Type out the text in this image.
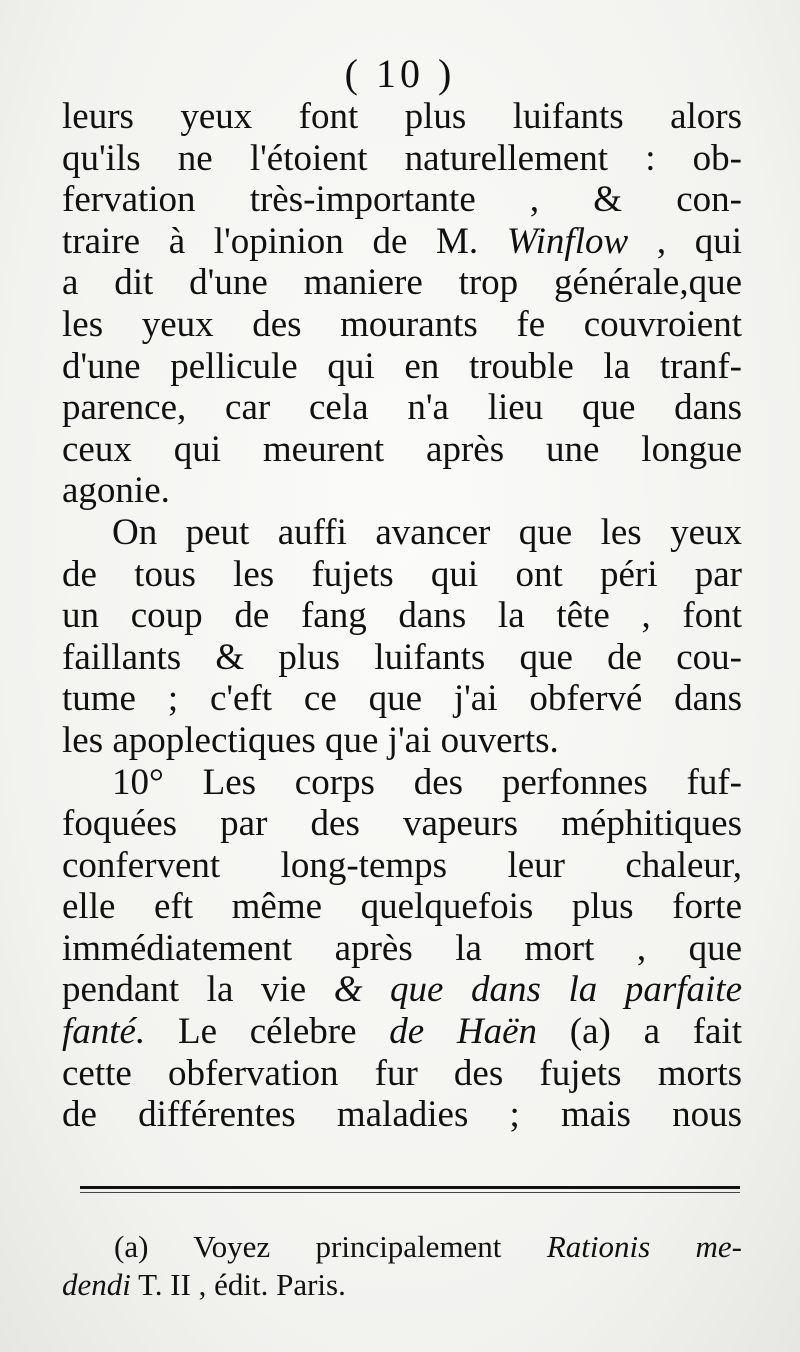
( 10 )
leurs yeux font plus luifants alors
qu'ils ne l'étoient naturellement : ob-
fervation très-importante , & con-
traire à l'opinion de M. Winflow , qui
a dit d'une maniere trop générale,que
les yeux des mourants fe couvroient
d'une pellicule qui en trouble la tranf-
parence, car cela n'a lieu que dans
ceux qui meurent après une longue
agonie.
On peut auffi avancer que les yeux
de tous les fujets qui ont péri par
un coup de fang dans la tête , font
faillants & plus luifants que de cou-
tume ; c'eft ce que j'ai obfervé dans
les apoplectiques que j'ai ouverts.
10° Les corps des perfonnes fuf-
foquées par des vapeurs méphitiques
confervent long-temps leur chaleur,
elle eft même quelquefois plus forte
immédiatement après la mort , que
pendant la vie & que dans la parfaite
fanté. Le célebre de Haën (a) a fait
cette obfervation fur des fujets morts
de différentes maladies ; mais nous
(a) Voyez principalement Rationis me-
dendi T. II , édit. Paris.
